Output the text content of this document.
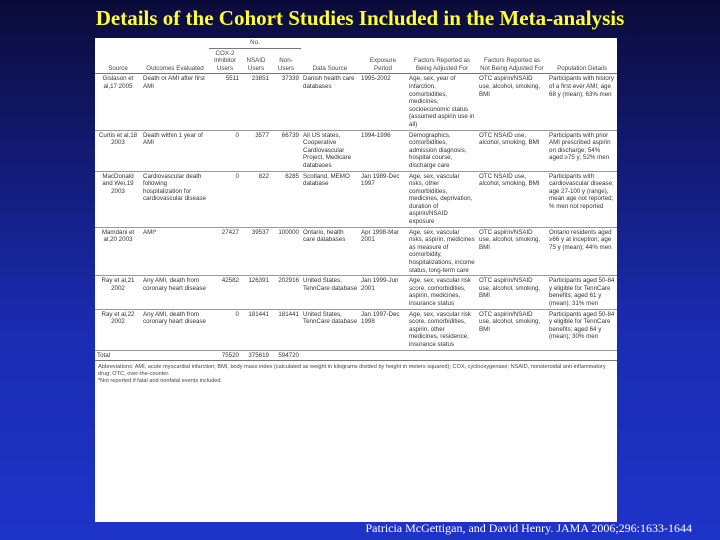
Details of the Cohort Studies Included in the Meta-analysis
		No.							
Source	Outcomes Evaluated	COX-2 Inhibitor Users	NSAID Users	Non-Users	Data Source	Exposure Period	Factors Reported as Being Adjusted For	Factors Reported as Not Being Adjusted For	Population Details
Gislason et al,17 2005	Death or AMI after first AMI	5511	23851	37339	Danish health care databases	1995-2002	Age, sex, year of infarction, comorbidities, medicines, socioeconomic status (assumed aspirin use in all)	OTC aspirin/NSAID use, alcohol, smoking, BMI	Participants with history of a first ever AMI; age 68 y (mean); 63% men
Curtis et al,18 2003	Death within 1 year of AMI	0	3577	66739	All US states, Cooperative Cardiovascular Project, Medicare databases	1994-1996	Demographics, comorbidities, admission diagnosis, hospital course, discharge care	OTC NSAID use, alcohol, smoking, BMI	Participants with prior AMI prescribed aspirin on discharge; 54% aged ≥75 y; 52% men
MacDonald and Wei,19 2003	Cardiovascular death following hospitalization for cardiovascular disease	0	822	6285	Scotland, MEMO database	Jan 1989-Dec 1997	Age, sex, vascular risks, other comorbidities, medicines, deprivation, duration of aspirin/NSAID exposure	OTC NSAID use, alcohol, smoking, BMI	Participants with cardiovascular disease; age 27-100 y (range), mean age not reported; % men not reported
Mamdani et al,20 2003	AMI*	27427	39537	100000	Ontario, health care databases	Apr 1998-Mar 2001	Age, sex, vascular risks, aspirin, medicines as measure of comorbidity, hospitalizations, income status, long-term care	OTC aspirin/NSAID use, alcohol, smoking, BMI	Ontario residents aged ≥66 y at inception; age 75 y (mean); 44% men
Ray et al,21 2002	Any AMI, death from coronary heart disease	42582	126391	202916	United States, TennCare database	Jan 1999-Jun 2001	Age, sex, vascular risk score, comorbidities, aspirin, medicines, insurance status	OTC aspirin/NSAID use, alcohol, smoking, BMI	Participants aged 50-84 y eligible for TennCare benefits; aged 61 y (mean); 31% men
Ray et al,22 2002	Any AMI, death from coronary heart disease	0	181441	181441	United States, TennCare database	Jan 1997-Dec 1998	Age, sex, vascular risk score, comorbidities, aspirin, other medicines, residence, insurance status	OTC aspirin/NSAID use, alcohol, smoking, BMI	Participants aged 50-84 y eligible for TennCare benefits; aged 64 y (mean); 30% men
Total		75520	375619	594720					
Abbreviations: AMI, acute myocardial infarction; BMI, body mass index (calculated as weight in kilograms divided by height in meters squared); COX, cyclooxygenase; NSAID, nonsteroidal anti-inflammatory drug; OTC, over-the-counter.
*Not reported if fatal and nonfatal events included.
Patricia McGettigan, and David Henry. JAMA 2006;296:1633-1644
